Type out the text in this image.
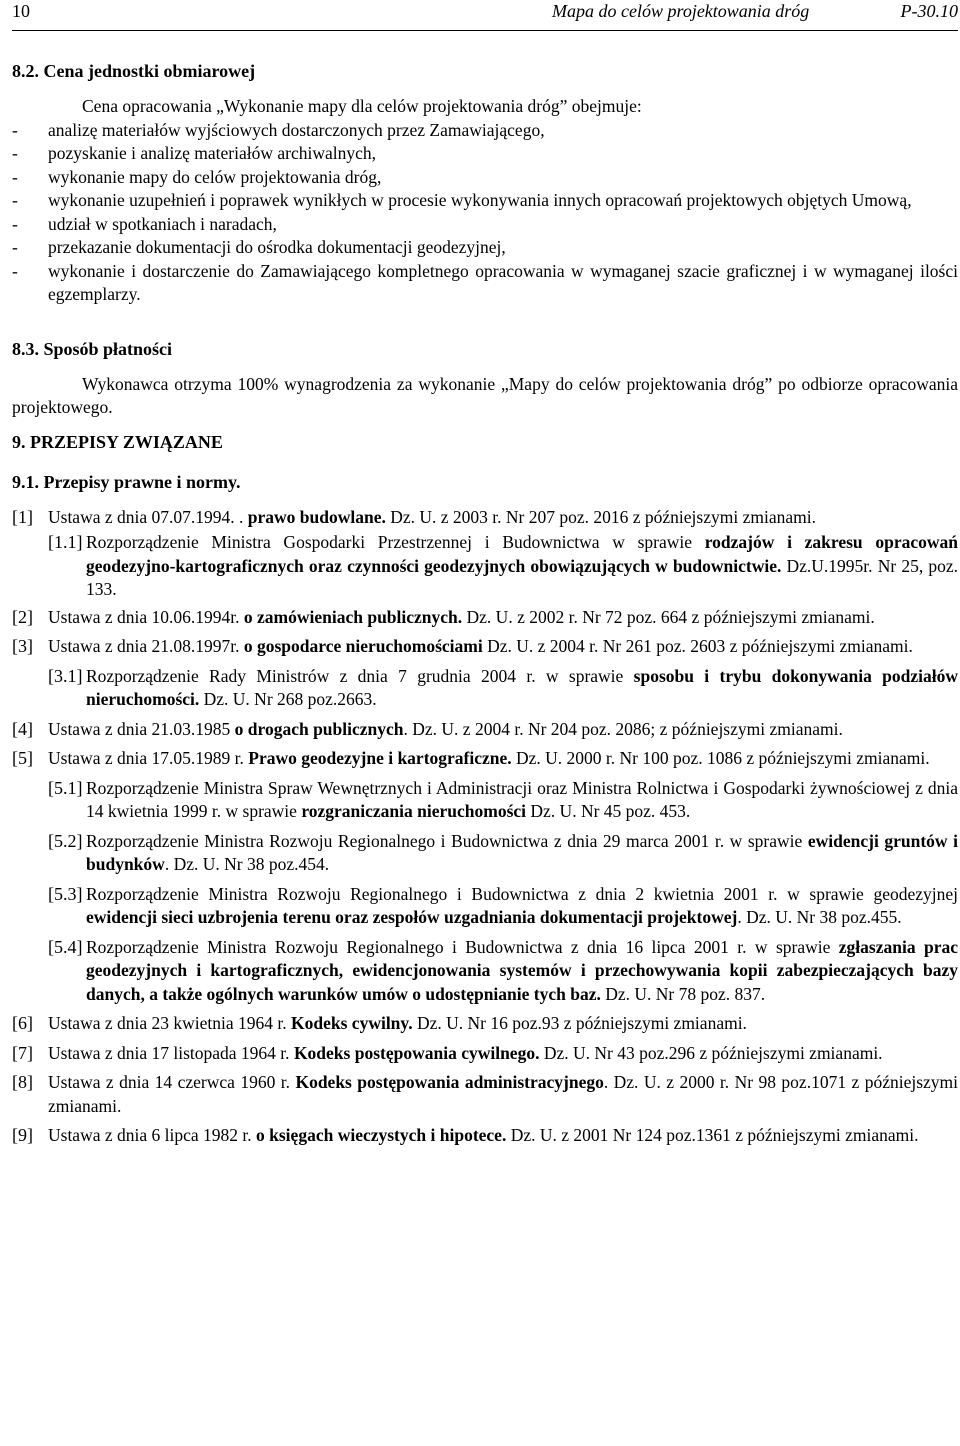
10	Mapa do celów projektowania dróg	P-30.10
8.2. Cena jednostki obmiarowej

Cena opracowania „Wykonanie mapy dla celów projektowania dróg” obejmuje:

- analizę materiałów wyjściowych dostarczonych przez Zamawiającego,
- pozyskanie i analizę materiałów archiwalnych,
- wykonanie mapy do celów projektowania dróg,
- wykonanie uzupełnień i poprawek wynikłych w procesie wykonywania innych opracowań projektowych objętych Umową,
- udział w spotkaniach i naradach,
- przekazanie dokumentacji do ośrodka dokumentacji geodezyjnej,
- wykonanie i dostarczenie do Zamawiającego kompletnego opracowania w wymaganej szacie graficznej i w wymaganej ilości egzemplarzy.
8.3. Sposób płatności

Wykonawca otrzyma 100% wynagrodzenia za wykonanie „Mapy do celów projektowania dróg” po odbiorze opracowania projektowego.

9. PRZEPISY ZWIĄZANE
9.1. Przepisy prawne i normy.
[1] Ustawa z dnia 07.07.1994. . prawo budowlane. Dz. U. z 2003 r. Nr 207 poz. 2016 z późniejszymi zmianami.
[1.1] Rozporządzenie Ministra Gospodarki Przestrzennej i Budownictwa w sprawie rodzajów i zakresu opracowań geodezyjno-kartograficznych oraz czynności geodezyjnych obowiązujących w budownictwie. Dz.U.1995r. Nr 25, poz. 133.
[2] Ustawa z dnia 10.06.1994r. o zamówieniach publicznych. Dz. U. z 2002 r. Nr 72 poz. 664 z późniejszymi zmianami.
[3] Ustawa z dnia 21.08.1997r. o gospodarce nieruchomościami Dz. U. z 2004 r. Nr 261 poz. 2603 z późniejszymi zmianami.
[3.1] Rozporządzenie Rady Ministrów z dnia 7 grudnia 2004 r. w sprawie sposobu i trybu dokonywania podziałów nieruchomości. Dz. U. Nr 268 poz.2663.
[4] Ustawa z dnia 21.03.1985 o drogach publicznych. Dz. U. z 2004 r. Nr 204 poz. 2086; z późniejszymi zmianami.
[5] Ustawa z dnia 17.05.1989 r. Prawo geodezyjne i kartograficzne. Dz. U. 2000 r. Nr 100 poz. 1086 z późniejszymi zmianami.
[5.1] Rozporządzenie Ministra Spraw Wewnętrznych i Administracji oraz Ministra Rolnictwa i Gospodarki żywnościowej z dnia 14 kwietnia 1999 r. w sprawie rozgraniczania nieruchomości Dz. U. Nr 45 poz. 453.
[5.2] Rozporządzenie Ministra Rozwoju Regionalnego i Budownictwa z dnia 29 marca 2001 r. w sprawie ewidencji gruntów i budynków. Dz. U. Nr 38 poz.454.
[5.3] Rozporządzenie Ministra Rozwoju Regionalnego i Budownictwa z dnia 2 kwietnia 2001 r. w sprawie geodezyjnej ewidencji sieci uzbrojenia terenu oraz zespołów uzgadniania dokumentacji projektowej. Dz. U. Nr 38 poz.455.
[5.4] Rozporządzenie Ministra Rozwoju Regionalnego i Budownictwa z dnia 16 lipca 2001 r. w sprawie zgłaszania prac geodezyjnych i kartograficznych, ewidencjonowania systemów i przechowywania kopii zabezpieczających bazy danych, a także ogólnych warunków umów o udostępnianie tych baz. Dz. U. Nr 78 poz. 837.
[6] Ustawa z dnia 23 kwietnia 1964 r. Kodeks cywilny. Dz. U. Nr 16 poz.93 z późniejszymi zmianami.
[7] Ustawa z dnia 17 listopada 1964 r. Kodeks postępowania cywilnego. Dz. U. Nr 43 poz.296 z późniejszymi zmianami.
[8] Ustawa z dnia 14 czerwca 1960 r. Kodeks postępowania administracyjnego. Dz. U. z 2000 r. Nr 98 poz.1071 z późniejszymi zmianami.
[9] Ustawa z dnia 6 lipca 1982 r. o księgach wieczystych i hipotece. Dz. U. z 2001 Nr 124 poz.1361 z późniejszymi zmianami.
